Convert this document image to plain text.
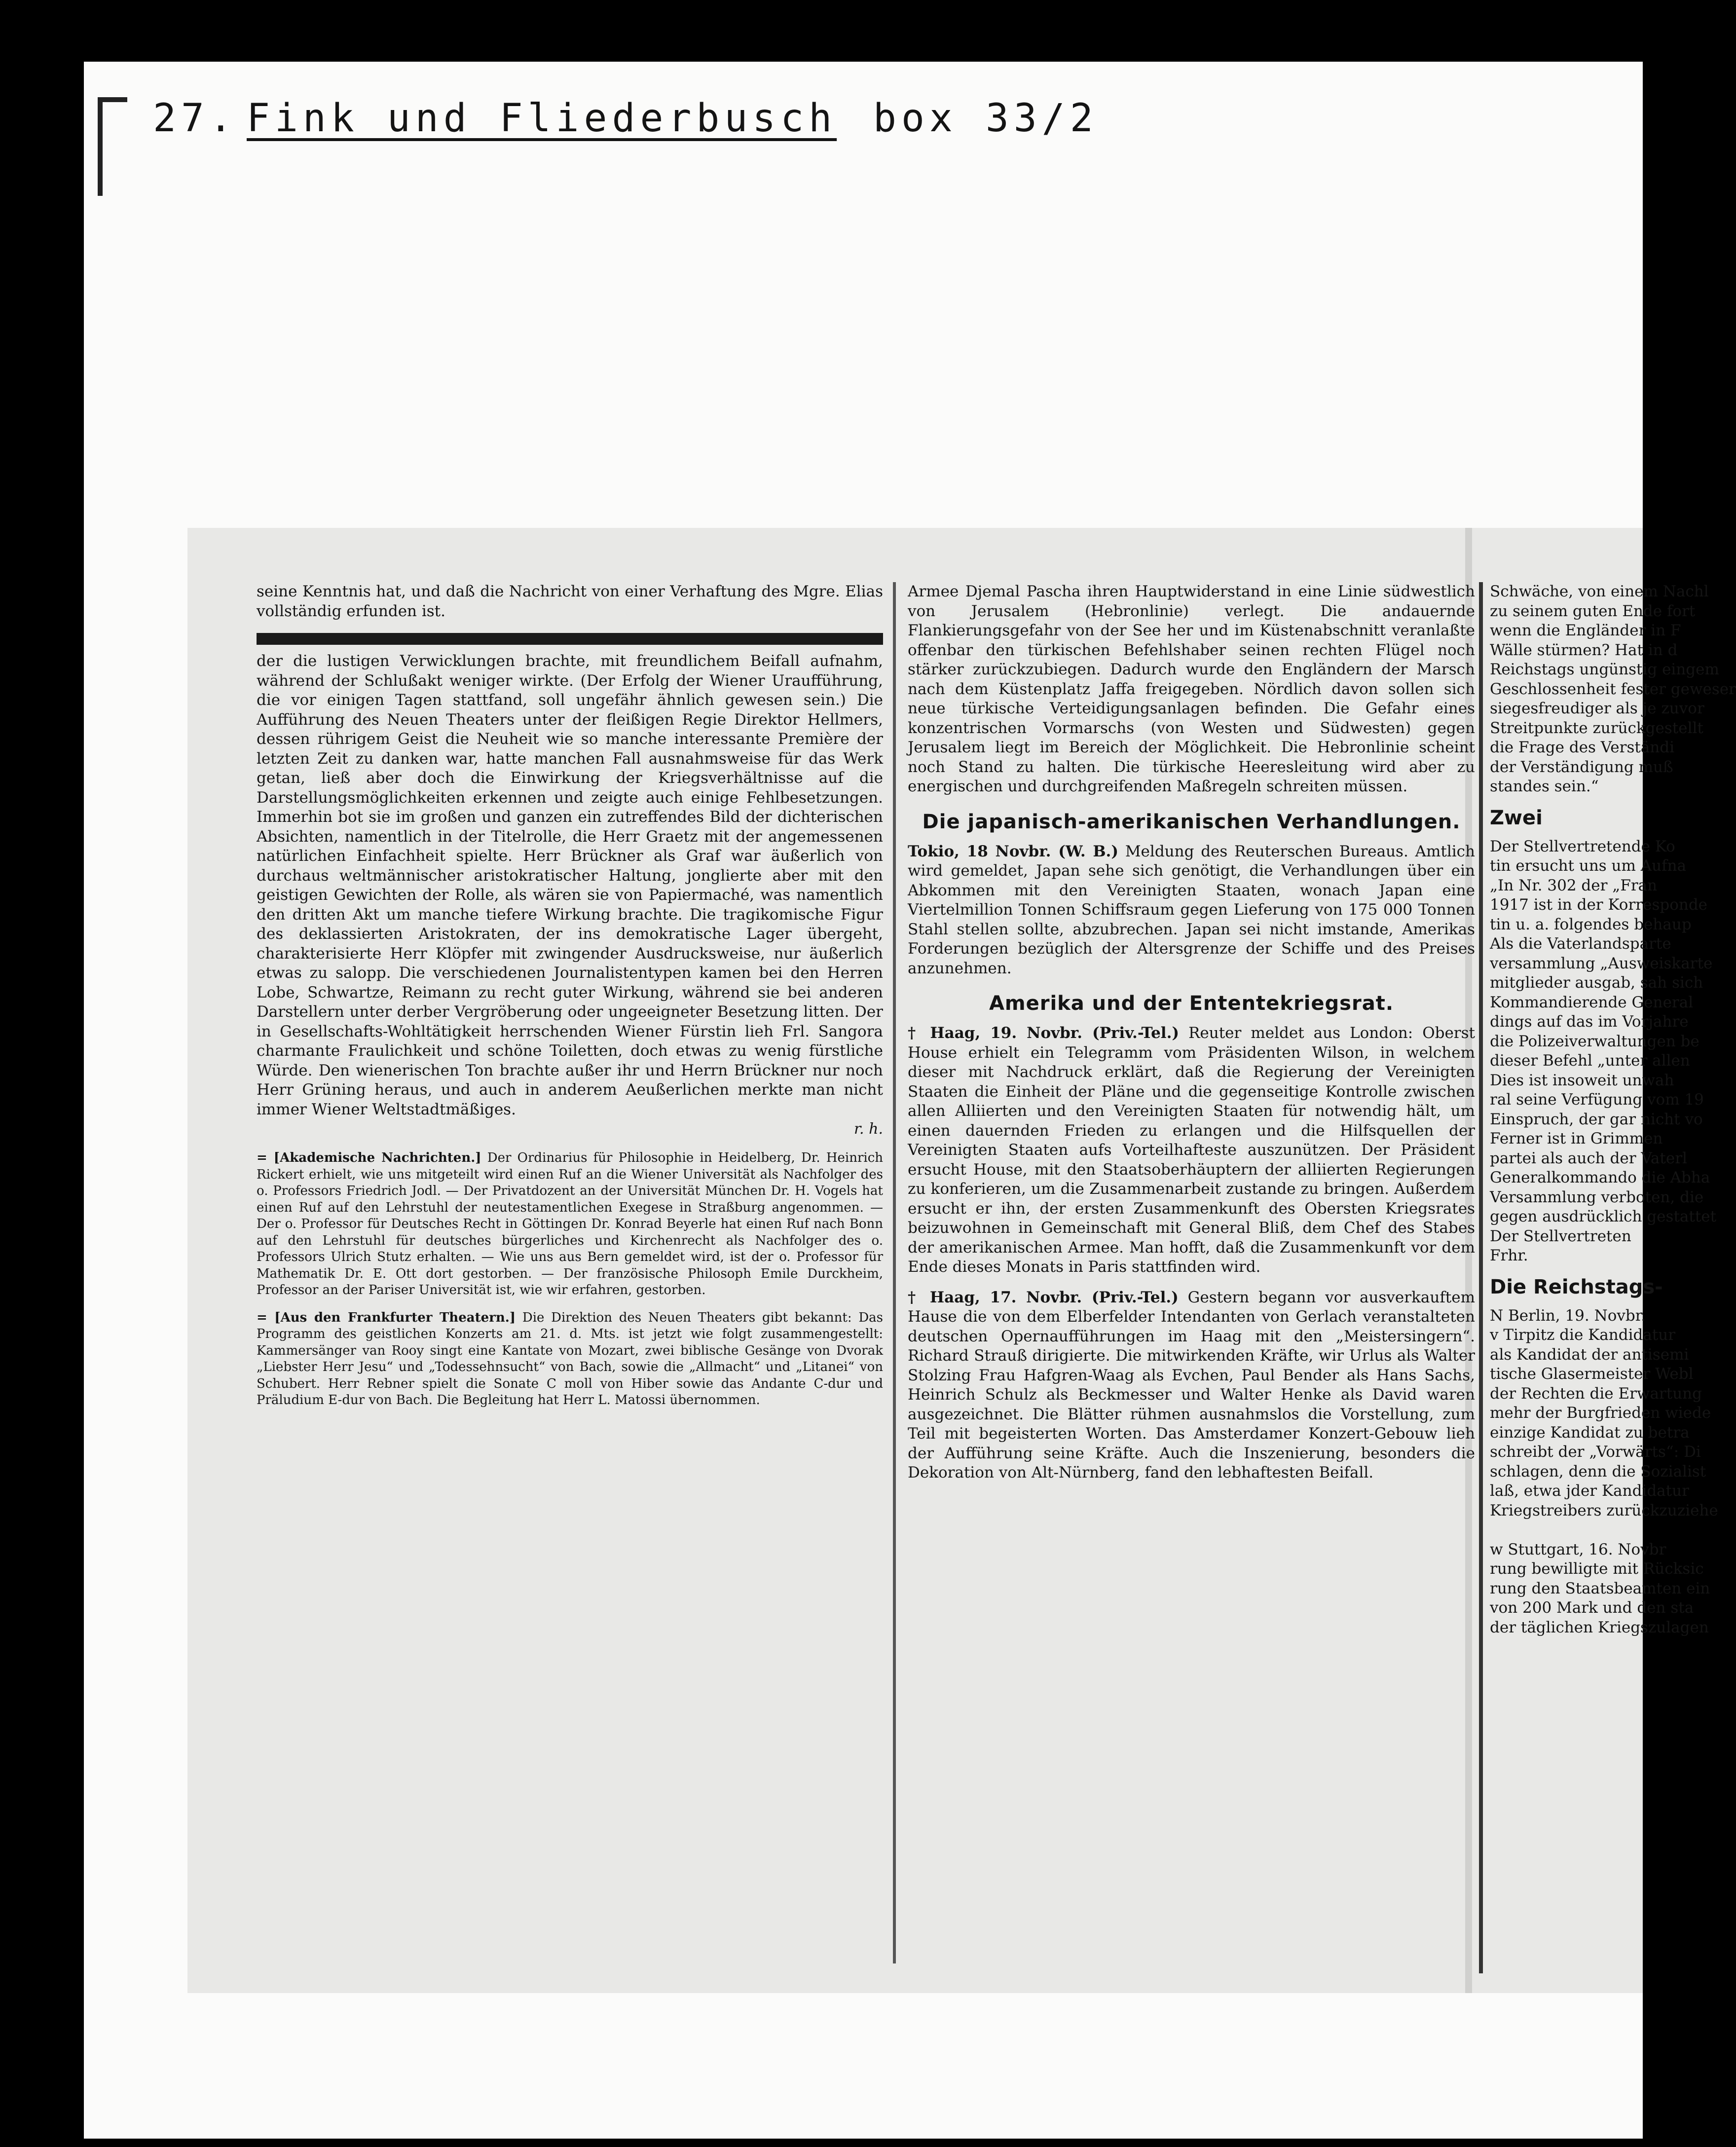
27. Fink und Fliederbusch box 33/2

seine Kenntnis hat, und daß die Nachricht von einer Verhaftung des Mgre. Elias vollständig erfunden ist.

der die lustigen Verwicklungen brachte, mit freundlichem Beifall aufnahm, während der Schlußakt weniger wirkte. (Der Erfolg der Wiener Uraufführung, die vor einigen Tagen stattfand, soll ungefähr ähnlich gewesen sein.) Die Aufführung des Neuen Theaters unter der fleißigen Regie Direktor Hellmers, dessen rührigem Geist die Neuheit wie so manche interessante Première der letzten Zeit zu danken war, hatte manchen Fall ausnahmsweise für das Werk getan, ließ aber doch die Einwirkung der Kriegsverhältnisse auf die Darstellungsmöglichkeiten erkennen und zeigte auch einige Fehlbesetzungen. Immerhin bot sie im großen und ganzen ein zutreffendes Bild der dichterischen Absichten, namentlich in der Titelrolle, die Herr Graetz mit der angemessenen natürlichen Einfachheit spielte. Herr Brückner als Graf war äußerlich von durchaus weltmännischer aristokratischer Haltung, jonglierte aber mit den geistigen Gewichten der Rolle, als wären sie von Papiermaché, was namentlich den dritten Akt um manche tiefere Wirkung brachte. Die tragikomische Figur des deklassierten Aristokraten, der ins demokratische Lager übergeht, charakterisierte Herr Klöpfer mit zwingender Ausdrucksweise, nur äußerlich etwas zu salopp. Die verschiedenen Journalistentypen kamen bei den Herren Lobe, Schwartze, Reimann zu recht guter Wirkung, während sie bei anderen Darstellern unter derber Vergröberung oder ungeeigneter Besetzung litten. Der in Gesellschafts-Wohltätigkeit herrschenden Wiener Fürstin lieh Frl. Sangora charmante Fraulichkeit und schöne Toiletten, doch etwas zu wenig fürstliche Würde. Den wienerischen Ton brachte außer ihr und Herrn Brückner nur noch Herr Grüning heraus, und auch in anderem Aeußerlichen merkte man nicht immer Wiener Weltstadtmäßiges.

r. h.

= [Akademische Nachrichten.] Der Ordinarius für Philosophie in Heidelberg, Dr. Heinrich Rickert erhielt, wie uns mitgeteilt wird einen Ruf an die Wiener Universität als Nachfolger des o. Professors Friedrich Jodl. — Der Privatdozent an der Universität München Dr. H. Vogels hat einen Ruf auf den Lehrstuhl der neutestamentlichen Exegese in Straßburg angenommen. — Der o. Professor für Deutsches Recht in Göttingen Dr. Konrad Beyerle hat einen Ruf nach Bonn auf den Lehrstuhl für deutsches bürgerliches und Kirchenrecht als Nachfolger des o. Professors Ulrich Stutz erhalten. — Wie uns aus Bern gemeldet wird, ist der o. Professor für Mathematik Dr. E. Ott dort gestorben. — Der französische Philosoph Emile Durckheim, Professor an der Pariser Universität ist, wie wir erfahren, gestorben.

= [Aus den Frankfurter Theatern.] Die Direktion des Neuen Theaters gibt bekannt: Das Programm des geistlichen Konzerts am 21. d. Mts. ist jetzt wie folgt zusammengestellt: Kammersänger van Rooy singt eine Kantate von Mozart, zwei biblische Gesänge von Dvorak „Liebster Herr Jesu“ und „Todessehnsucht“ von Bach, sowie die „Allmacht“ und „Litanei“ von Schubert. Herr Rebner spielt die Sonate C moll von Hiber sowie das Andante C-dur und Präludium E-dur von Bach. Die Begleitung hat Herr L. Matossi übernommen.

Armee Djemal Pascha ihren Hauptwiderstand in eine Linie südwestlich von Jerusalem (Hebronlinie) verlegt. Die andauernde Flankierungsgefahr von der See her und im Küstenabschnitt veranlaßte offenbar den türkischen Befehlshaber seinen rechten Flügel noch stärker zurückzubiegen. Dadurch wurde den Engländern der Marsch nach dem Küstenplatz Jaffa freigegeben. Nördlich davon sollen sich neue türkische Verteidigungsanlagen befinden. Die Gefahr eines konzentrischen Vormarschs (von Westen und Südwesten) gegen Jerusalem liegt im Bereich der Möglichkeit. Die Hebronlinie scheint noch Stand zu halten. Die türkische Heeresleitung wird aber zu energischen und durchgreifenden Maßregeln schreiten müssen.

Die japanisch-amerikanischen Verhandlungen.

Tokio, 18 Novbr. (W. B.) Meldung des Reuterschen Bureaus. Amtlich wird gemeldet, Japan sehe sich genötigt, die Verhandlungen über ein Abkommen mit den Vereinigten Staaten, wonach Japan eine Viertelmillion Tonnen Schiffsraum gegen Lieferung von 175 000 Tonnen Stahl stellen sollte, abzubrechen. Japan sei nicht imstande, Amerikas Forderungen bezüglich der Altersgrenze der Schiffe und des Preises anzunehmen.

Amerika und der Ententekriegsrat.

† Haag, 19. Novbr. (Priv.-Tel.) Reuter meldet aus London: Oberst House erhielt ein Telegramm vom Präsidenten Wilson, in welchem dieser mit Nachdruck erklärt, daß die Regierung der Vereinigten Staaten die Einheit der Pläne und die gegenseitige Kontrolle zwischen allen Alliierten und den Vereinigten Staaten für notwendig hält, um einen dauernden Frieden zu erlangen und die Hilfsquellen der Vereinigten Staaten aufs Vorteilhafteste auszunützen. Der Präsident ersucht House, mit den Staatsoberhäuptern der alliierten Regierungen zu konferieren, um die Zusammenarbeit zustande zu bringen. Außerdem ersucht er ihn, der ersten Zusammenkunft des Obersten Kriegsrates beizuwohnen in Gemeinschaft mit General Bliß, dem Chef des Stabes der amerikanischen Armee. Man hofft, daß die Zusammenkunft vor dem Ende dieses Monats in Paris stattfinden wird.

† Haag, 17. Novbr. (Priv.-Tel.) Gestern begann vor ausverkauftem Hause die von dem Elberfelder Intendanten von Gerlach veranstalteten deutschen Opernaufführungen im Haag mit den „Meistersingern“. Richard Strauß dirigierte. Die mitwirkenden Kräfte, wir Urlus als Walter Stolzing Frau Hafgren-Waag als Evchen, Paul Bender als Hans Sachs, Heinrich Schulz als Beckmesser und Walter Henke als David waren ausgezeichnet. Die Blätter rühmen ausnahmslos die Vorstellung, zum Teil mit begeisterten Worten. Das Amsterdamer Konzert-Gebouw lieh der Aufführung seine Kräfte. Auch die Inszenierung, besonders die Dekoration von Alt-Nürnberg, fand den lebhaftesten Beifall.

Schwäche, von einem Nachl

zu seinem guten Ende fort

wenn die Engländer in F

Wälle stürmen? Hat in d

Reichstags ungünstig eingem

Geschlossenheit fester geweser

siegesfreudiger als je zuvor

Streitpunkte zurückgestellt

die Frage des Verständi

der Verständigung muß

standes sein.“

Zwei

Der Stellvertretende Ko

tin ersucht uns um Aufna

„In Nr. 302 der „Fran

1917 ist in der Korresponde

tin u. a. folgendes behaup

Als die Vaterlandsparte

versammlung „Ausweiskarte

mitglieder ausgab, sah sich

Kommandierende General

dings auf das im Vorjahre

die Polizeiverwaltungen be

dieser Befehl „unter allen

Dies ist insoweit unwah

ral seine Verfügung vom 19

Einspruch, der gar nicht vo

Ferner ist in Grimmen

partei als auch der Vaterl

Generalkommando die Abha

Versammlung verboten, die

gegen ausdrücklich gestattet

Der Stellvertreten

Frhr.

Die Reichstags-

N Berlin, 19. Novbr.

v Tirpitz die Kandidatur

als Kandidat der antisemi

tische Glasermeister Webl

der Rechten die Erwartung

mehr der Burgfrieden wiede

einzige Kandidat zu betra

schreibt der „Vorwärts“: Di

schlagen, denn die Sozialist

laß, etwa jder Kandidatur

Kriegstreibers zurückzuziehe

w Stuttgart, 16. Novbr

rung bewilligte mit Rücksic

rung den Staatsbeamten ein

von 200 Mark und den sta

der täglichen Kriegszulagen
